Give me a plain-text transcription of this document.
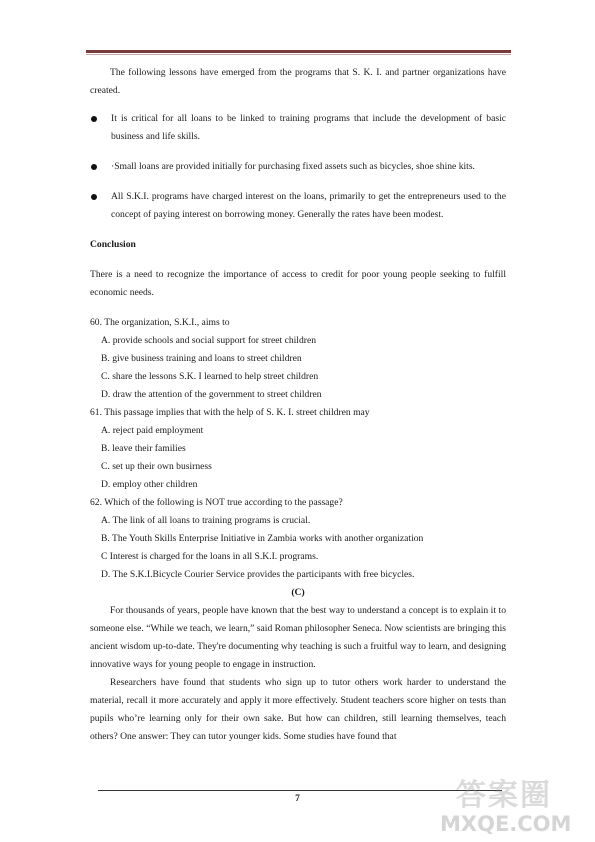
The following lessons have emerged from the programs that S. K. I. and partner organizations have created.

It is critical for all loans to be linked to training programs that include the development of basic business and life skills.
·Small loans are provided initially for purchasing fixed assets such as bicycles, shoe shine kits.
All S.K.I. programs have charged interest on the loans, primarily to get the entrepreneurs used to the concept of paying interest on borrowing money. Generally the rates have been modest.

Conclusion

There is a need to recognize the importance of access to credit for poor young people seeking to fulfill economic needs.

60. The organization, S.K.I., aims to

A. provide schools and social support for street children

B. give business training and loans to street children

C. share the lessons S.K. I learned to help street children

D. draw the attention of the government to street children

61. This passage implies that with the help of S. K. I. street children may

A. reject paid employment

B. leave their families

C. set up their own busirness

D. employ other children

62. Which of the following is NOT true according to the passage?

A. The link of all loans to training programs is crucial.

B. The Youth Skills Enterprise Initiative in Zambia works with another organization

C Interest is charged for the loans in all S.K.I. programs.

D. The S.K.I.Bicycle Courier Service provides the participants with free bicycles.

(C)

For thousands of years, people have known that the best way to understand a concept is to explain it to someone else. “While we teach, we learn,” said Roman philosopher Seneca. Now scientists are bringing this ancient wisdom up-to-date. They're documenting why teaching is such a fruitful way to learn, and designing innovative ways for young people to engage in instruction.

Researchers have found that students who sign up to tutor others work harder to understand the material, recall it more accurately and apply it more effectively. Student teachers score higher on tests than pupils who’re learning only for their own sake. But how can children, still learning themselves, teach others? One answer: They can tutor younger kids. Some studies have found that

7	答案圈
MXQE.COM
